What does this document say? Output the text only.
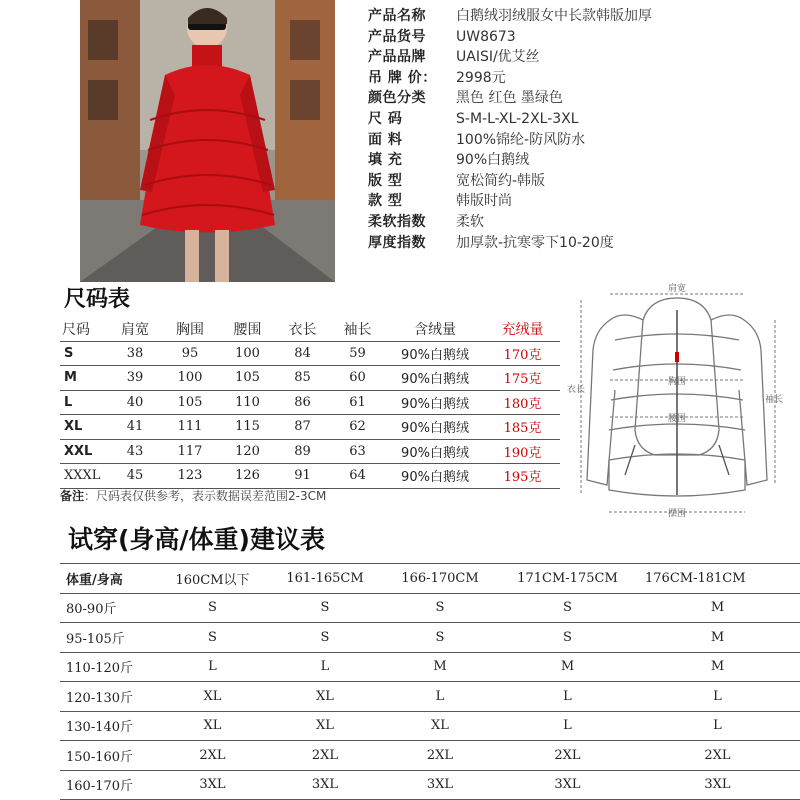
产品名称	白鹅绒羽绒服女中长款韩版加厚
产品货号	UW8673
产品品牌	UAISI/优艾丝
吊 牌 价：	2998元
颜色分类	黑色 红色 墨绿色
尺 码	S-M-L-XL-2XL-3XL
面 料	100%锦纶-防风防水
填 充	90%白鹅绒
版 型	宽松简约-韩版
款 型	韩版时尚
柔软指数	柔软
厚度指数	加厚款-抗寒零下10-20度
尺码表
尺码	肩宽	胸围	腰围	衣长	袖长	含绒量	充绒量
S	38	95	100	84	59	90%白鹅绒	170克
M	39	100	105	85	60	90%白鹅绒	175克
L	40	105	110	86	61	90%白鹅绒	180克
XL	41	111	115	87	62	90%白鹅绒	185克
XXL	43	117	120	89	63	90%白鹅绒	190克
XXXL	45	123	126	91	64	90%白鹅绒	195克
备注：尺码表仅供参考，表示数据误差范围2-3CM
肩宽
胸围
腰围
衣长
袖长
摆围
试穿(身高/体重)建议表
体重/身高	160CM以下	161-165CM	166-170CM	171CM-175CM	176CM-181CM
80-90斤	S	S	S	S	M
95-105斤	S	S	S	S	M
110-120斤	L	L	M	M	M
120-130斤	XL	XL	L	L	L
130-140斤	XL	XL	XL	L	L
150-160斤	2XL	2XL	2XL	2XL	2XL
160-170斤	3XL	3XL	3XL	3XL	3XL
